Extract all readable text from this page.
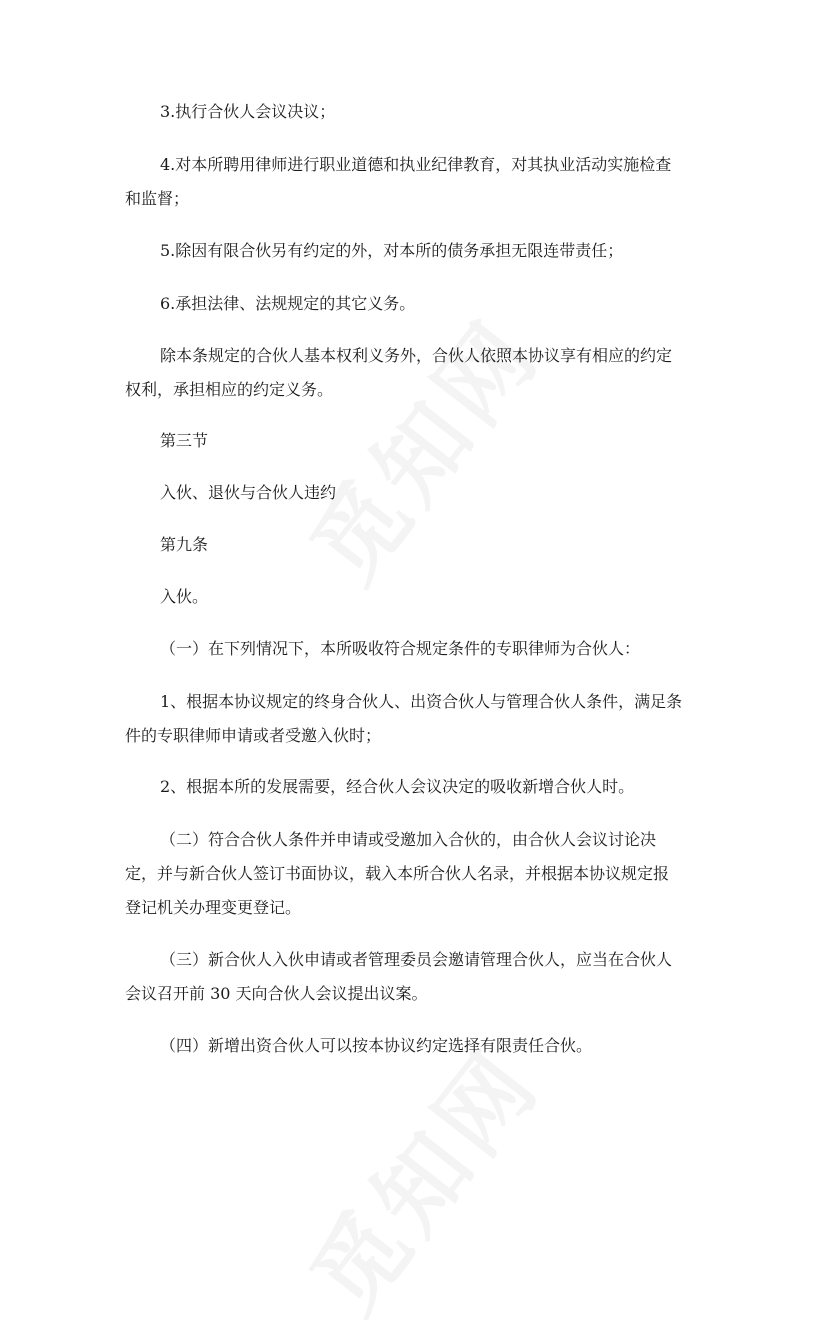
3.执行合伙人会议决议；
4.对本所聘用律师进行职业道德和执业纪律教育，对其执业活动实施检查
和监督；
5.除因有限合伙另有约定的外，对本所的债务承担无限连带责任；
6.承担法律、法规规定的其它义务。
除本条规定的合伙人基本权利义务外，合伙人依照本协议享有相应的约定
权利，承担相应的约定义务。
第三节
入伙、退伙与合伙人违约
第九条
入伙。
（一）在下列情况下，本所吸收符合规定条件的专职律师为合伙人：
1、根据本协议规定的终身合伙人、出资合伙人与管理合伙人条件，满足条
件的专职律师申请或者受邀入伙时；
2、根据本所的发展需要，经合伙人会议决定的吸收新增合伙人时。
（二）符合合伙人条件并申请或受邀加入合伙的，由合伙人会议讨论决
定，并与新合伙人签订书面协议，载入本所合伙人名录，并根据本协议规定报
登记机关办理变更登记。
（三）新合伙人入伙申请或者管理委员会邀请管理合伙人，应当在合伙人
会议召开前 30 天向合伙人会议提出议案。
（四）新增出资合伙人可以按本协议约定选择有限责任合伙。
